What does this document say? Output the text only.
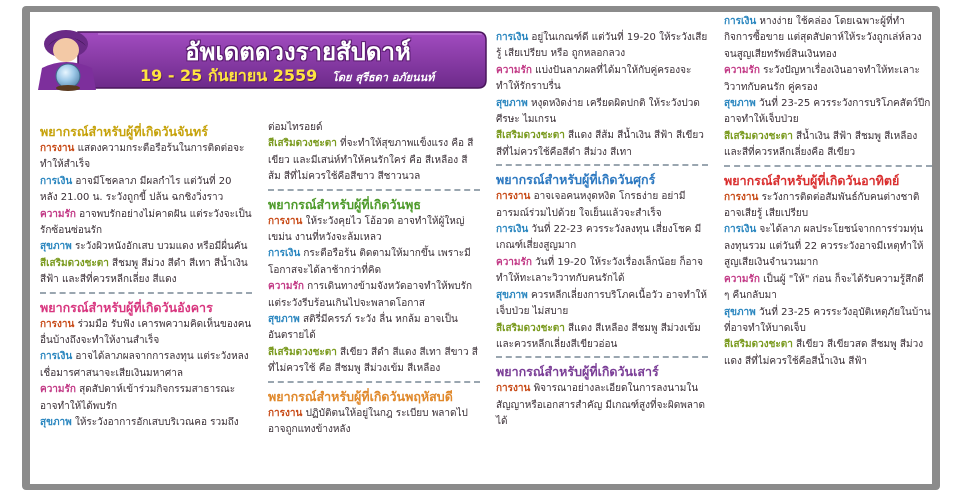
อัพเดตดวงรายสัปดาห์
19 - 25 กันยายน 2559 โดย สุรีธดา อภัยนนท์
พยากรณ์สำหรับผู้ที่เกิดวันจันทร์

การงาน แสดงความกระตือรือร้นในการติดต่อจะทำให้สำเร็จ

การเงิน อาจมีโชคลาภ มีผลกำไร แต่วันที่ 20 หลัง 21.00 น. ระวังถูกขี้ ปล้น ฉกชิงวิ่งราว

ความรัก อาจพบรักอย่างไม่คาดฝัน แต่ระวังจะเป็นรักซ้อนซ่อนรัก

สุขภาพ ระวังผิวหนังอักเสบ บวมแดง หรือมีผื่นคัน

สีเสริมดวงชะตา สีชมพู สีม่วง สีดำ สีเทา สีน้ำเงิน สีฟ้า และสีที่ควรหลีกเลี่ยง สีแดง

พยากรณ์สำหรับผู้ที่เกิดวันอังคาร

การงาน ร่วมมือ รับฟัง เคารพความคิดเห็นของคนอื่นบ้างถึงจะทำให้งานสำเร็จ

การเงิน อาจได้ลาภผลจากการลงทุน แต่ระวังหลงเชื่อมารศาสนาจะเสียเงินมหาศาล

ความรัก สุดสัปดาห์เข้าร่วมกิจกรรมสาธารณะอาจทำให้ได้พบรัก

สุขภาพ ให้ระวังอาการอักเสบบริเวณคอ รวมถึง

ต่อมไทรอยด์

สีเสริมดวงชะตา ที่จะทำให้สุขภาพแข็งแรง คือ สีเขียว และมีเสน่ห์ทำให้คนรักใคร่ คือ สีเหลือง สีส้ม สีที่ไม่ควรใช้คือสีขาว สีชาวนวล

พยากรณ์สำหรับผู้ที่เกิดวันพุธ

การงาน ให้ระวังคุยไว โอ้อวด อาจทำให้ผู้ใหญ่เขม่น งานที่หวังจะล้มเหลว

การเงิน กระตือรือร้น ติดตามให้มากขึ้น เพราะมีโอกาสจะได้ลาช้ากว่าที่คิด

ความรัก การเดินทางข้ามจังหวัดอาจทำให้พบรัก แต่ระวังรีบร้อนเกินไปจะพลาดโอกาส

สุขภาพ สติรี่มีครรภ์ ระวัง ลื่น หกล้ม อาจเป็นอันตรายได้

สีเสริมดวงชะตา สีเขียว สีดำ สีแดง สีเทา สีขาว สีที่ไม่ควรใช้ คือ สีชมพู สีม่วงเข้ม สีเหลือง

พยากรณ์สำหรับผู้ที่เกิดวันพฤหัสบดี

การงาน ปฏิบัติตนให้อยู่ในกฎ ระเบียบ พลาดไปอาจถูกแทงข้างหลัง

การเงิน อยู่ในเกณฑ์ดี แต่วันที่ 19-20 ให้ระวังเสียรู้ เสียเปรียบ หรือ ถูกหลอกลวง

ความรัก แบ่งปันลาภผลที่ได้มาให้กับคู่ครองจะทำให้รักราบรื่น

สุขภาพ หงุดหงิดง่าย เครียดผิดปกติ ให้ระวังปวดศีรษะ ไมเกรน

สีเสริมดวงชะตา สีแดง สีส้ม สีน้ำเงิน สีฟ้า สีเขียว สีที่ไม่ควรใช้คือสีดำ สีม่วง สีเทา

พยากรณ์สำหรับผู้ที่เกิดวันศุกร์

การงาน อาจเจอคนหงุดหงิด โกรธง่าย อย่ามีอารมณ์ร่วมไปด้วย ใจเย็นแล้วจะสำเร็จ

การเงิน วันที่ 22-23 ควรระวังลงทุน เสี่ยงโชค มีเกณฑ์เสี่ยงสูญมาก

ความรัก วันที่ 19-20 ให้ระวังเรื่องเล็กน้อย ก็อาจทำให้ทะเลาะวิวาทกับคนรักได้

สุขภาพ ควรหลีกเลี่ยงการบริโภคเนื้อวัว อาจทำให้เจ็บป่วย ไม่สบาย

สีเสริมดวงชะตา สีแดง สีเหลือง สีชมพู สีม่วงเข้ม และควรหลีกเลี่ยงสีเขียวอ่อน

พยากรณ์สำหรับผู้ที่เกิดวันเสาร์

การงาน พิจารณาอย่างละเอียดในการลงนามในสัญญาหรือเอกสารสำคัญ มีเกณฑ์สูงที่จะผิดพลาดได้

การเงิน หางง่าย ใช้คล่อง โดยเฉพาะผู้ที่ทำกิจการซื้อขาย แต่สุดสัปดาห์ให้ระวังถูกเล่ห์ลวงจนสูญเสียทรัพย์สินเงินทอง

ความรัก ระวังปัญหาเรื่องเงินอาจทำให้ทะเลาะวิวาทกับคนรัก คู่ครอง

สุขภาพ วันที่ 23-25 ควรระวังการบริโภคสัตว์ปีก อาจทำให้เจ็บป่วย

สีเสริมดวงชะตา สีน้ำเงิน สีฟ้า สีชมพู สีเหลือง และสีที่ควรหลีกเลี่ยงคือ สีเขียว

พยากรณ์สำหรับผู้ที่เกิดวันอาทิตย์

การงาน ระวังการติดต่อสัมพันธ์กับคนต่างชาติ อาจเสียรู้ เสียเปรียบ

การเงิน จะได้ลาภ ผลประโยชน์จากการร่วมทุ่น ลงทุนรวม แต่วันที่ 22 ควรระวังอาจมีเหตุทำให้สูญเสียเงินจำนวนมาก

ความรัก เป็นผู้ "ให้" ก่อน ก็จะได้รับความรู้สึกดี ๆ คืนกลับมา

สุขภาพ วันที่ 23-25 ควรระวังอุบัติเหตุภัยในบ้านที่อาจทำให้บาดเจ็บ

สีเสริมดวงชะตา สีเขียว สีเขียวสด สีชมพู สีม่วงแดง สีที่ไม่ควรใช้คือสีน้ำเงิน สีฟ้า
